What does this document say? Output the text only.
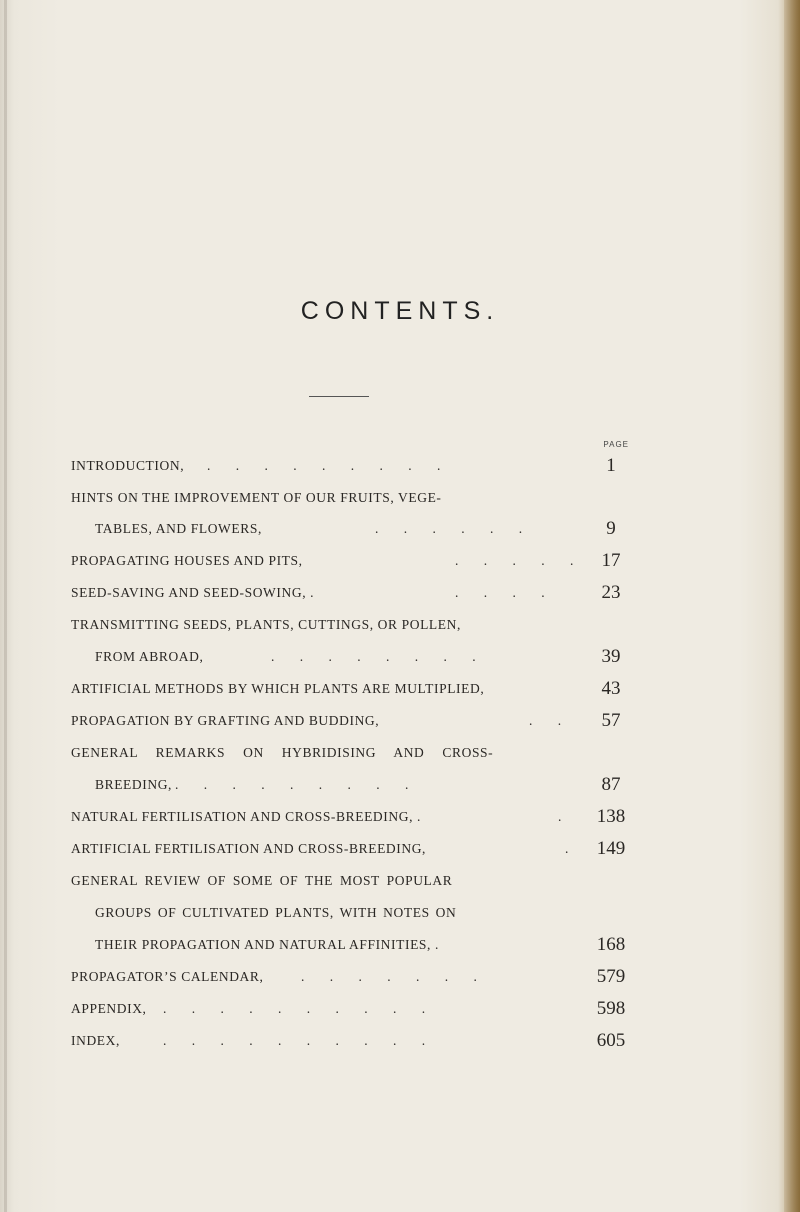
CONTENTS.
PAGE
INTRODUCTION, . . . . . . . . .	1
HINTS ON THE IMPROVEMENT OF OUR FRUITS, VEGE-
TABLES, AND FLOWERS,	. . . . . .	9
PROPAGATING HOUSES AND PITS,	. . . . . 17
SEED-SAVING AND SEED-SOWING, .	. . . .	23
TRANSMITTING SEEDS, PLANTS, CUTTINGS, OR POLLEN,
FROM ABROAD,	. . . . . . . .	39
ARTIFICIAL METHODS BY WHICH PLANTS ARE MULTIPLIED,	43
PROPAGATION BY GRAFTING AND BUDDING,	. .	57
GENERAL REMARKS ON HYBRIDISING AND CROSS-
BREEDING, . . . . . . . . .	87
NATURAL FERTILISATION AND CROSS-BREEDING, .	.	138
ARTIFICIAL FERTILISATION AND CROSS-BREEDING,	. 149
GENERAL REVIEW OF SOME OF THE MOST POPULAR
GROUPS OF CULTIVATED PLANTS, WITH NOTES ON
THEIR PROPAGATION AND NATURAL AFFINITIES, .	168
PROPAGATOR’S CALENDAR,	. . . . . . .	579
APPENDIX, . . . . . . . . . .	598
INDEX,	. . . . . . . . . .	605
